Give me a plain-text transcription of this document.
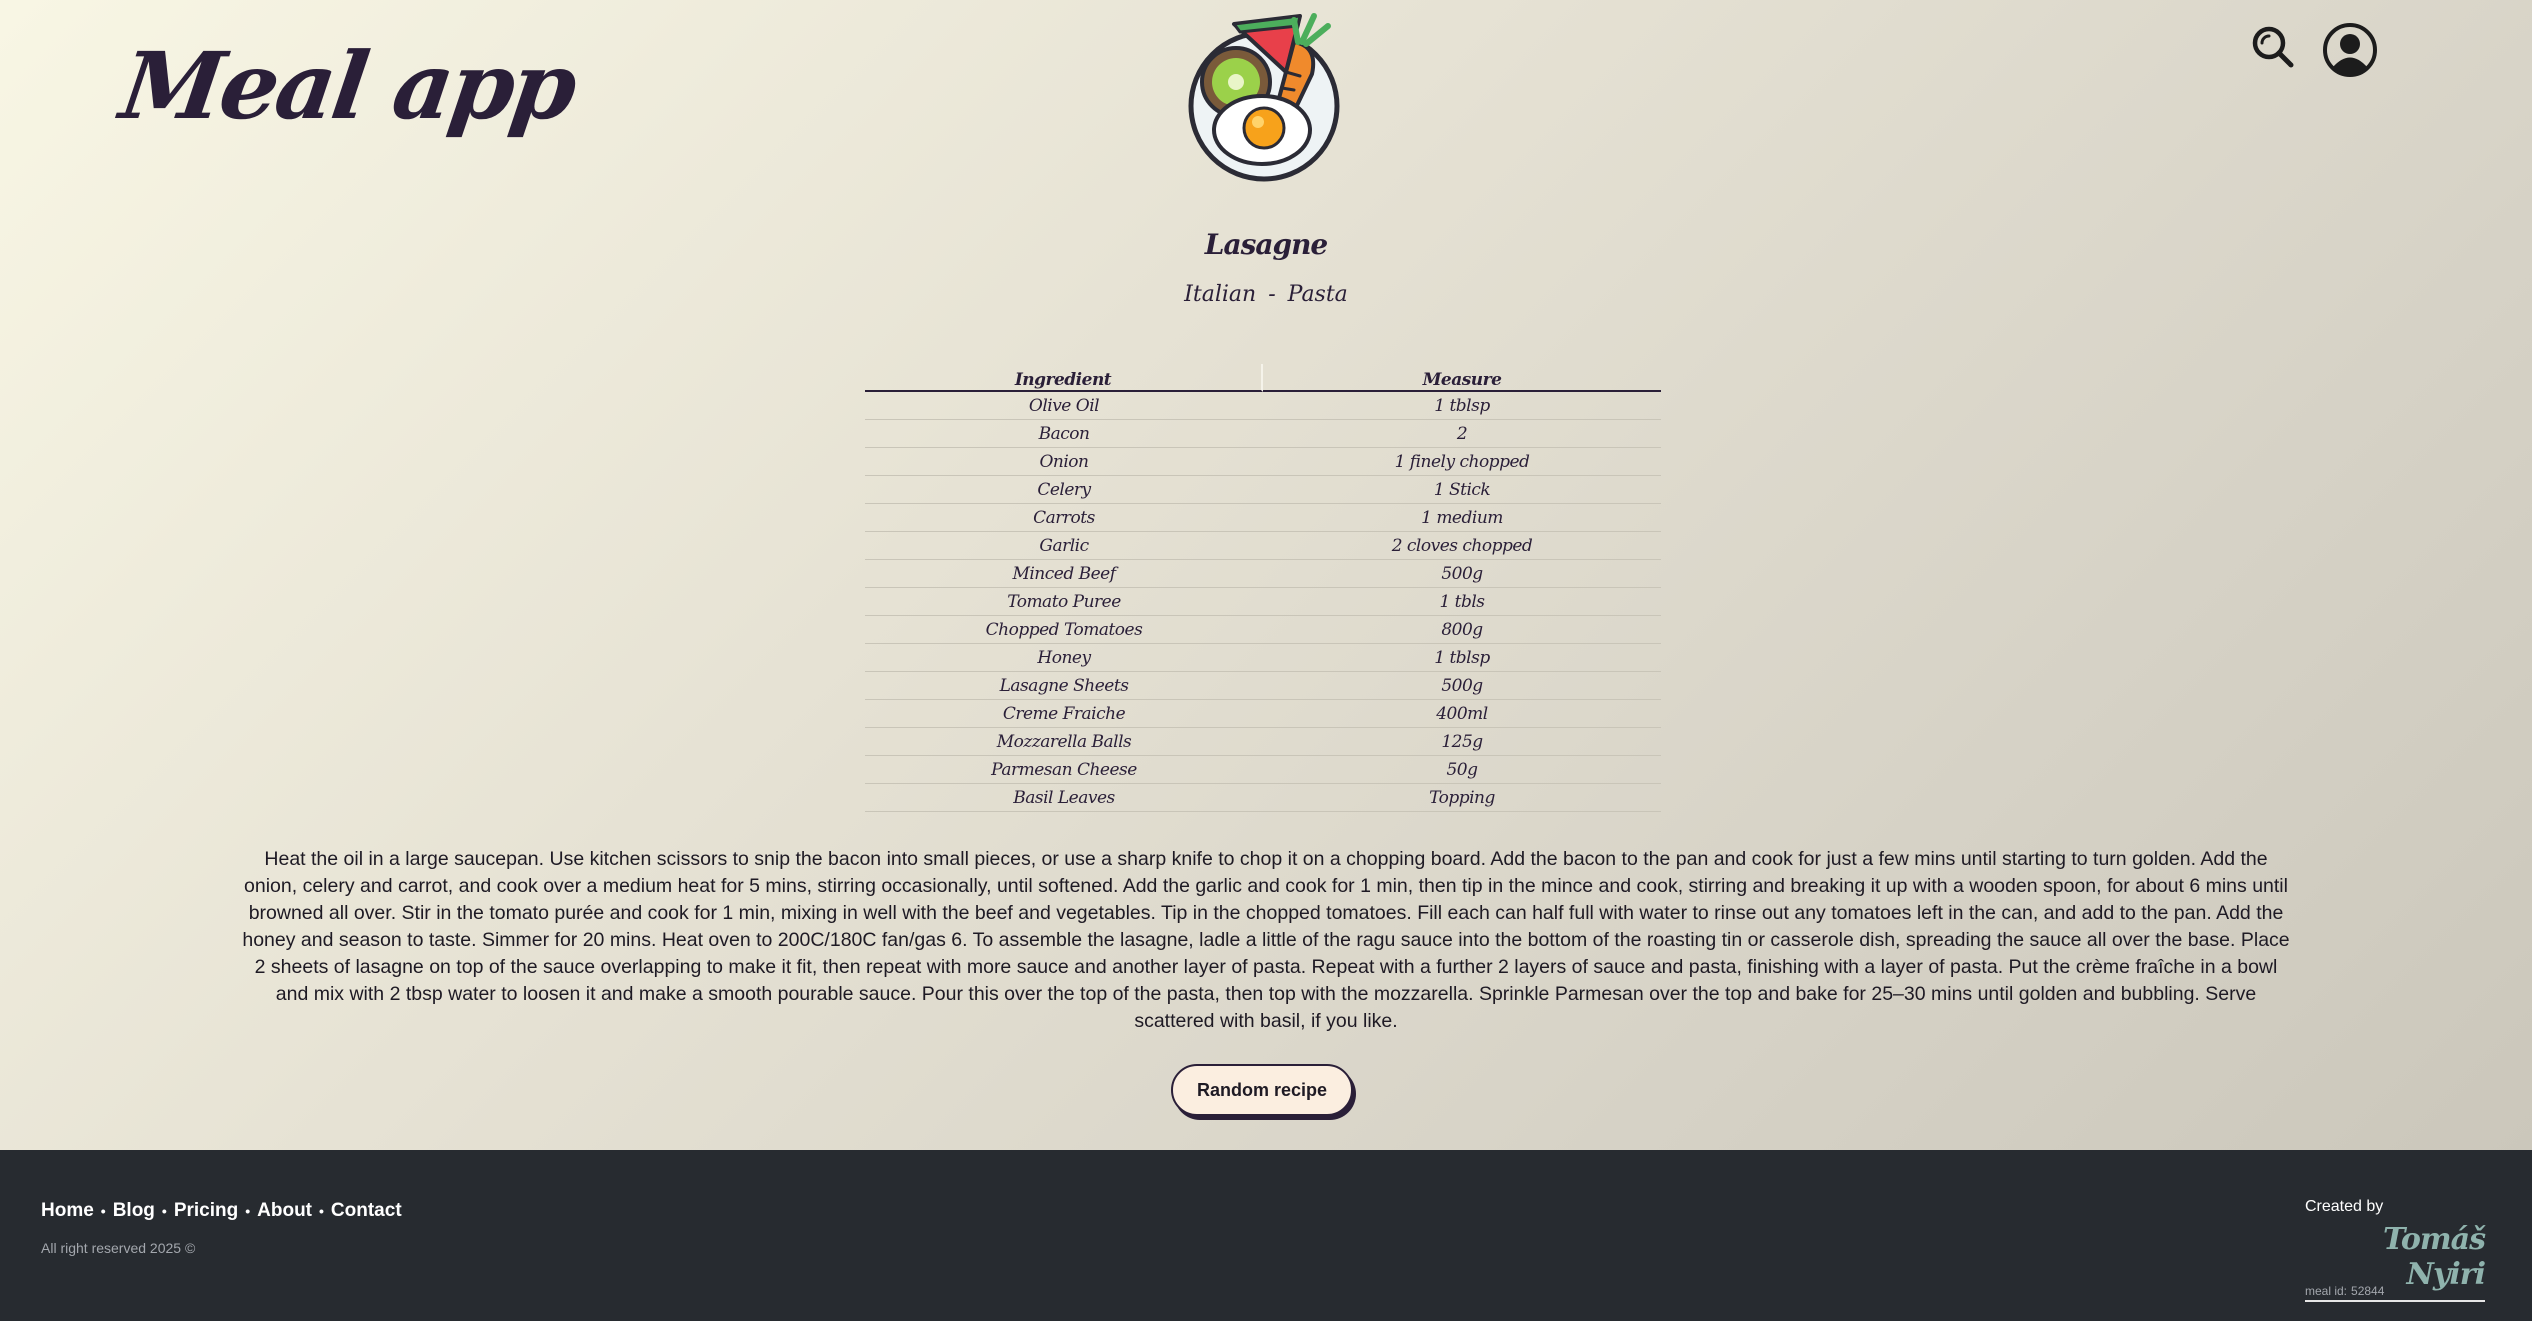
Meal app
Lasagne
Italian - Pasta
Ingredient	Measure
Olive Oil	1 tblsp
Bacon	2
Onion	1 finely chopped
Celery	1 Stick
Carrots	1 medium
Garlic	2 cloves chopped
Minced Beef	500g
Tomato Puree	1 tbls
Chopped Tomatoes	800g
Honey	1 tblsp
Lasagne Sheets	500g
Creme Fraiche	400ml
Mozzarella Balls	125g
Parmesan Cheese	50g
Basil Leaves	Topping
Heat the oil in a large saucepan. Use kitchen scissors to snip the bacon into small pieces, or use a sharp knife to chop it on a chopping board. Add the bacon to the pan and cook for just a few mins until starting to turn golden. Add the onion, celery and carrot, and cook over a medium heat for 5 mins, stirring occasionally, until softened. Add the garlic and cook for 1 min, then tip in the mince and cook, stirring and breaking it up with a wooden spoon, for about 6 mins until browned all over. Stir in the tomato purée and cook for 1 min, mixing in well with the beef and vegetables. Tip in the chopped tomatoes. Fill each can half full with water to rinse out any tomatoes left in the can, and add to the pan. Add the honey and season to taste. Simmer for 20 mins. Heat oven to 200C/180C fan/gas 6. To assemble the lasagne, ladle a little of the ragu sauce into the bottom of the roasting tin or casserole dish, spreading the sauce all over the base. Place 2 sheets of lasagne on top of the sauce overlapping to make it fit, then repeat with more sauce and another layer of pasta. Repeat with a further 2 layers of sauce and pasta, finishing with a layer of pasta. Put the crème fraîche in a bowl and mix with 2 tbsp water to loosen it and make a smooth pourable sauce. Pour this over the top of the pasta, then top with the mozzarella. Sprinkle Parmesan over the top and bake for 25–30 mins until golden and bubbling. Serve scattered with basil, if you like.
Random recipe
Home • Blog • Pricing • About • Contact
All right reserved 2025 ©
Created by
Tomáš Nyiri
meal id: 52844
